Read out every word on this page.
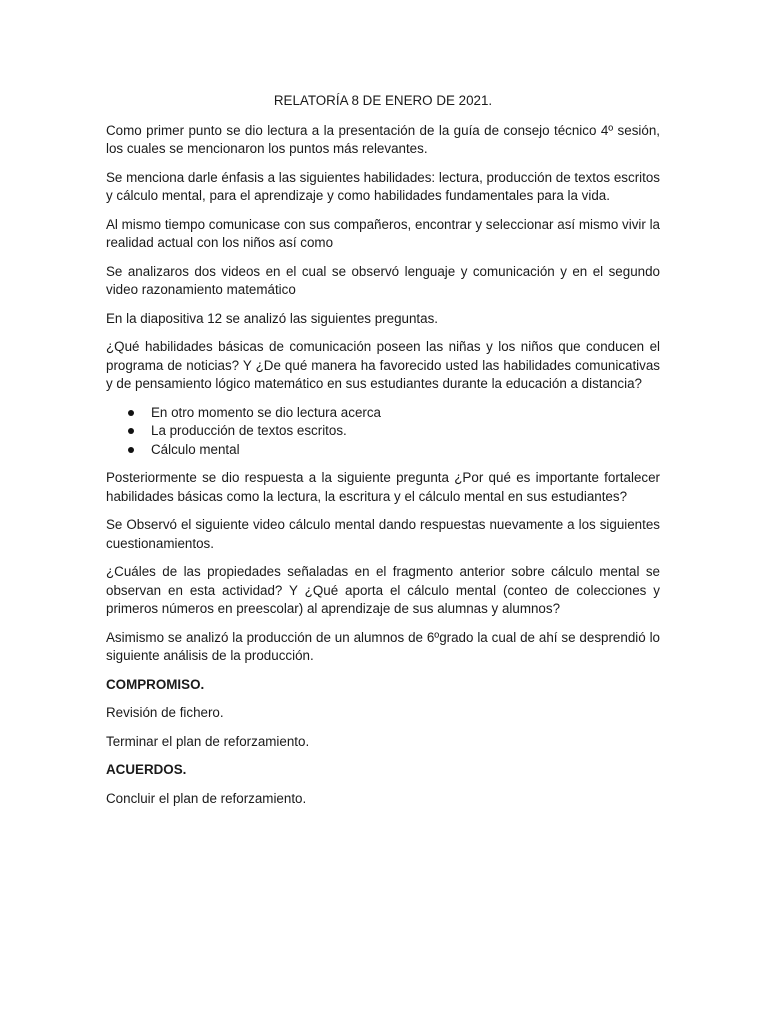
RELATORÍA 8 DE ENERO DE 2021.

Como primer punto se dio lectura a la presentación de la guía de consejo técnico 4º sesión, los cuales se mencionaron los puntos más relevantes.

Se menciona darle énfasis a las siguientes habilidades: lectura, producción de textos escritos y cálculo mental, para el aprendizaje y como habilidades fundamentales para la vida.

Al mismo tiempo comunicase con sus compañeros, encontrar y seleccionar así mismo vivir la realidad actual con los niños así como

Se analizaros dos videos en el cual se observó lenguaje y comunicación y en el segundo video razonamiento matemático

En la diapositiva 12 se analizó las siguientes preguntas.

¿Qué habilidades básicas de comunicación poseen las niñas y los niños que conducen el programa de noticias? Y ¿De qué manera ha favorecido usted las habilidades comunicativas y de pensamiento lógico matemático en sus estudiantes durante la educación a distancia?

En otro momento se dio lectura acerca
La producción de textos escritos.
Cálculo mental

Posteriormente se dio respuesta a la siguiente pregunta ¿Por qué es importante fortalecer habilidades básicas como la lectura, la escritura y el cálculo mental en sus estudiantes?

Se Observó el siguiente video cálculo mental dando respuestas nuevamente a los siguientes cuestionamientos.

¿Cuáles de las propiedades señaladas en el fragmento anterior sobre cálculo mental se observan en esta actividad? Y ¿Qué aporta el cálculo mental (conteo de colecciones y primeros números en preescolar) al aprendizaje de sus alumnas y alumnos?

Asimismo se analizó la producción de un alumnos de 6ºgrado la cual de ahí se desprendió lo siguiente análisis de la producción.

COMPROMISO.

Revisión de fichero.

Terminar el plan de reforzamiento.

ACUERDOS.

Concluir el plan de reforzamiento.
